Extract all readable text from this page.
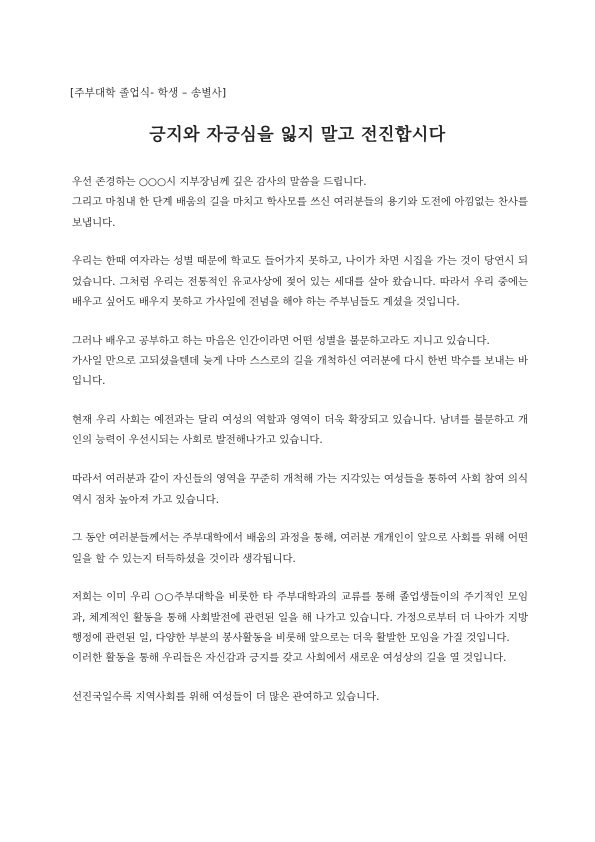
[주부대학 졸업식- 학생 – 송별사]
긍지와 자긍심을 잃지 말고 전진합시다

우선 존경하는 ○○○시 지부장님께 깊은 감사의 말씀을 드립니다.

그리고 마침내 한 단계 배움의 길을 마치고 학사모를 쓰신 여러분들의 용기와 도전에 아낌없는 찬사를 보냅니다.

우리는 한때 여자라는 성별 때문에 학교도 들어가지 못하고, 나이가 차면 시집을 가는 것이 당연시 되었습니다. 그처럼 우리는 전통적인 유교사상에 젖어 있는 세대를 살아 왔습니다. 따라서 우리 중에는 배우고 싶어도 배우지 못하고 가사일에 전념을 해야 하는 주부님들도 계셨을 것입니다.

그러나 배우고 공부하고 하는 마음은 인간이라면 어떤 성별을 불문하고라도 지니고 있습니다.

가사일 만으로 고되셨을텐데 늦게 나마 스스로의 길을 개척하신 여러분에 다시 한번 박수를 보내는 바입니다.

현재 우리 사회는 예전과는 달리 여성의 역할과 영역이 더욱 확장되고 있습니다. 남녀를 불문하고 개인의 능력이 우선시되는 사회로 발전해나가고 있습니다.

따라서 여러분과 같이 자신들의 영역을 꾸준히 개척해 가는 지각있는 여성들을 통하여 사회 참여 의식 역시 점차 높아져 가고 있습니다.

그 동안 여러분들께서는 주부대학에서 배움의 과정을 통해, 여러분 개개인이 앞으로 사회를 위해 어떤 일을 할 수 있는지 터득하셨을 것이라 생각됩니다.

저희는 이미 우리 ○○주부대학을 비롯한 타 주부대학과의 교류를 통해 졸업생들이의 주기적인 모임과, 체계적인 활동을 통해 사회발전에 관련된 일을 해 나가고 있습니다. 가정으로부터 더 나아가 지방행정에 관련된 일, 다양한 부분의 봉사활동을 비롯해 앞으로는 더욱 활발한 모임을 가질 것입니다.

이러한 활동을 통해 우리들은 자신감과 긍지를 갖고 사회에서 새로운 여성상의 길을 열 것입니다.

선진국일수록 지역사회를 위해 여성들이 더 많은 관여하고 있습니다.
